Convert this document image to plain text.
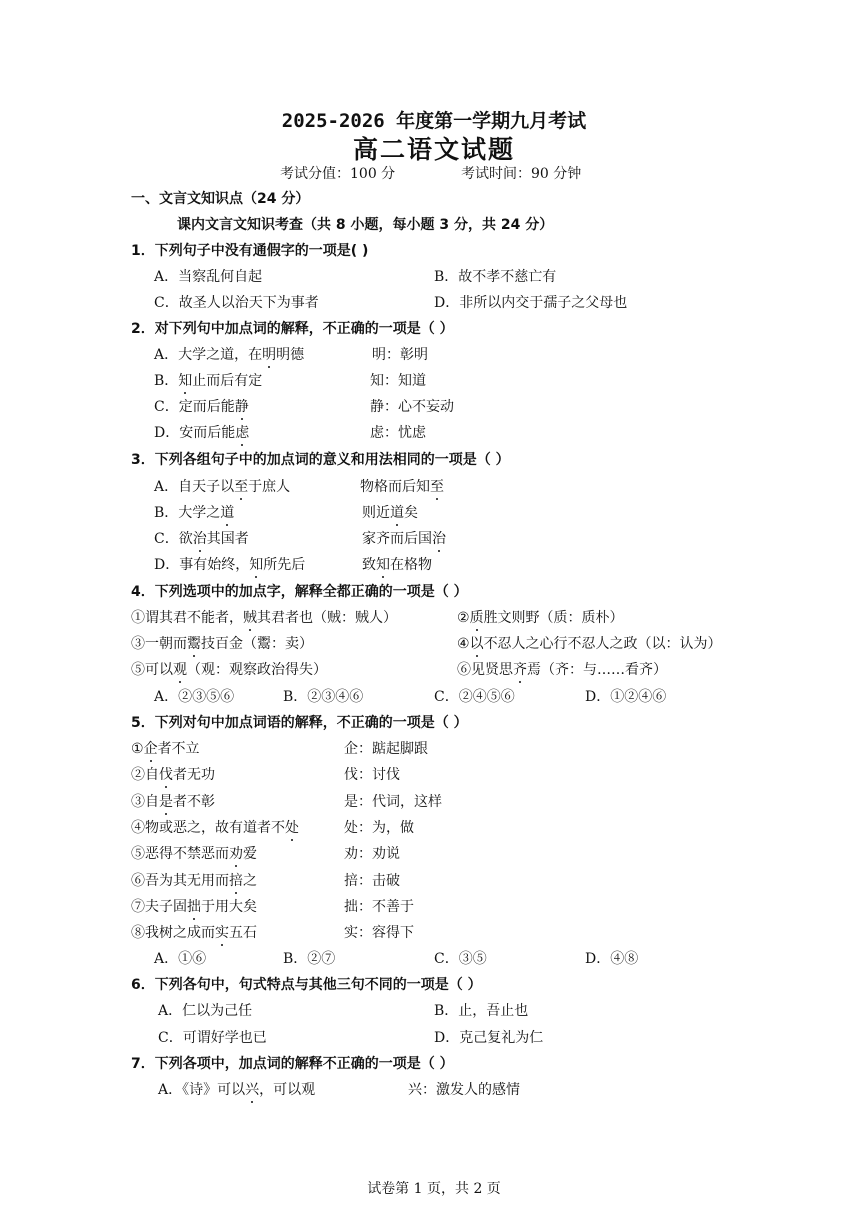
2025-2026 年度第一学期九月考试
高二语文试题
考试分值：100 分	考试时间：90 分钟
一、文言文知识点（24 分）
课内文言文知识考查（共 8 小题，每小题 3 分，共 24 分）
1．下列句子中没有通假字的一项是( )
A．当察乱何自起	B．故不孝不慈亡有
C．故圣人以治天下为事者	D．非所以内交于孺子之父母也
2．对下列句中加点词的解释，不正确的一项是（ ）
A．大学之道，在明明德	明：彰明
B．知止而后有定	知：知道
C．定而后能静	静：心不妄动
D．安而后能虑	虑：忧虑
3．下列各组句子中的加点词的意义和用法相同的一项是（ ）
A．自天子以至于庶人	物格而后知至
B．大学之道	则近道矣
C．欲治其国者	家齐而后国治
D．事有始终，知所先后	致知在格物
4．下列选项中的加点字，解释全都正确的一项是（ ）
①谓其君不能者，贼其君者也（贼：贼人）	②质胜文则野（质：质朴）
③一朝而鬻技百金（鬻：卖）	④以不忍人之心行不忍人之政（以：认为）
⑤可以观（观：观察政治得失）	⑥见贤思齐焉（齐：与……看齐）
A．②③⑤⑥	B．②③④⑥	C．②④⑤⑥	D．①②④⑥
5．下列对句中加点词语的解释，不正确的一项是（ ）
①企者不立	企：踮起脚跟
②自伐者无功	伐：讨伐
③自是者不彰	是：代词，这样
④物或恶之，故有道者不处	处：为，做
⑤恶得不禁恶而劝爱	劝：劝说
⑥吾为其无用而掊之	掊：击破
⑦夫子固拙于用大矣	拙：不善于
⑧我树之成而实五石	实：容得下
A．①⑥	B．②⑦	C．③⑤	D．④⑧
6．下列各句中，句式特点与其他三句不同的一项是（ ）
A．仁以为己任	B．止，吾止也
C．可谓好学也已	D．克己复礼为仁
7．下列各项中，加点词的解释不正确的一项是（ ）
A．《诗》可以兴，可以观	兴：激发人的感情
试卷第 1 页，共 2 页
